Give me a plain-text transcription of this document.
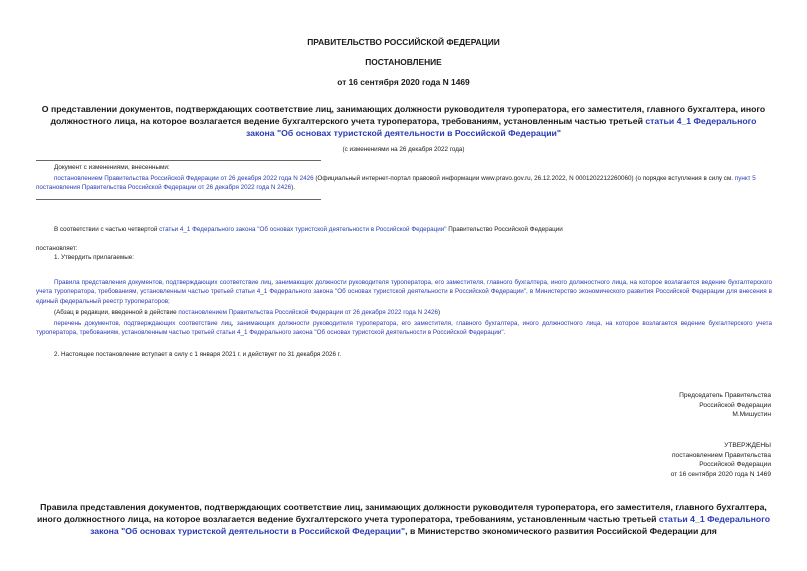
ПРАВИТЕЛЬСТВО РОССИЙСКОЙ ФЕДЕРАЦИИ
ПОСТАНОВЛЕНИЕ
от 16 сентября 2020 года N 1469
О представлении документов, подтверждающих соответствие лиц, занимающих должности руководителя туроператора, его заместителя, главного бухгалтера, иного должностного лица, на которое возлагается ведение бухгалтерского учета туроператора, требованиям, установленным частью третьей статьи 4_1 Федерального закона "Об основах туристской деятельности в Российской Федерации"
(с изменениями на 26 декабря 2022 года)
Документ с изменениями, внесенными:
постановлением Правительства Российской Федерации от 26 декабря 2022 года N 2426 (Официальный интернет-портал правовой информации www.pravo.gov.ru, 26.12.2022, N 0001202212260060) (о порядке вступления в силу см. пункт 5 постановления Правительства Российской Федерации от 26 декабря 2022 года N 2426).
В соответствии с частью четвертой статьи 4_1 Федерального закона "Об основах туристской деятельности в Российской Федерации" Правительство Российской Федерации
постановляет:
1. Утвердить прилагаемые:
Правила представления документов, подтверждающих соответствие лиц, занимающих должности руководителя туроператора, его заместителя, главного бухгалтера, иного должностного лица, на которое возлагается ведение бухгалтерского учета туроператора, требованиям, установленным частью третьей статьи 4_1 Федерального закона "Об основах туристской деятельности в Российской Федерации", в Министерство экономического развития Российской Федерации для внесения в единый федеральный реестр туроператоров;
(Абзац в редакции, введенной в действие постановлением Правительства Российской Федерации от 26 декабря 2022 года N 2426)
перечень документов, подтверждающих соответствие лиц, занимающих должности руководителя туроператора, его заместителя, главного бухгалтера, иного должностного лица, на которое возлагается ведение бухгалтерского учета туроператора, требованиям, установленным частью третьей статьи 4_1 Федерального закона "Об основах туристской деятельности в Российской Федерации".
2. Настоящее постановление вступает в силу с 1 января 2021 г. и действует по 31 декабря 2026 г.
Председатель Правительства
Российской Федерации
М.Мишустин
УТВЕРЖДЕНЫ
постановлением Правительства
Российской Федерации
от 16 сентября 2020 года N 1469
Правила представления документов, подтверждающих соответствие лиц, занимающих должности руководителя туроператора, его заместителя, главного бухгалтера, иного должностного лица, на которое возлагается ведение бухгалтерского учета туроператора, требованиям, установленным частью третьей статьи 4_1 Федерального закона "Об основах туристской деятельности в Российской Федерации", в Министерство экономического развития Российской Федерации для
